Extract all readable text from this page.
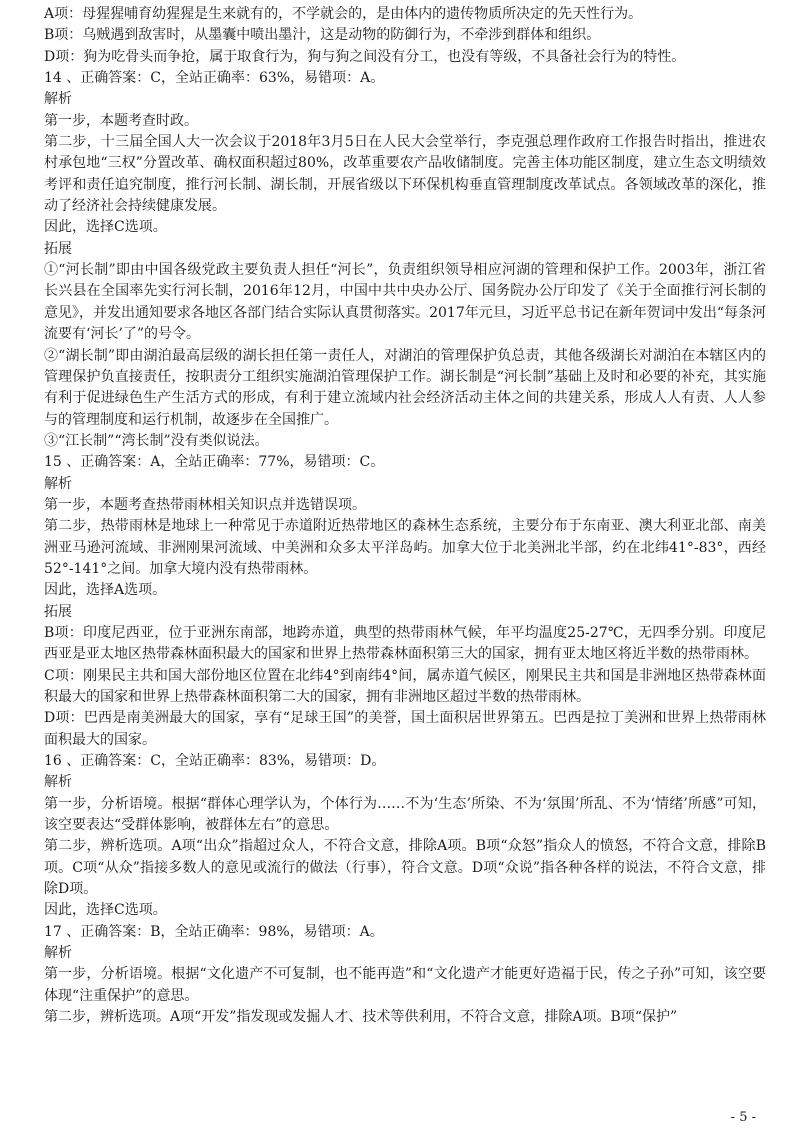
A项：母猩猩哺育幼猩猩是生来就有的，不学就会的，是由体内的遗传物质所决定的先天性行为。

B项：乌贼遇到敌害时，从墨囊中喷出墨汁，这是动物的防御行为，不牵涉到群体和组织。

D项：狗为吃骨头而争抢，属于取食行为，狗与狗之间没有分工，也没有等级，不具备社会行为的特性。

14 、正确答案：C，全站正确率：63%，易错项：A。

解析

第一步，本题考查时政。

第二步，十三届全国人大一次会议于2018年3月5日在人民大会堂举行，李克强总理作政府工作报告时指出，推进农村承包地“三权”分置改革、确权面积超过80%，改革重要农产品收储制度。完善主体功能区制度，建立生态文明绩效考评和责任追究制度，推行河长制、湖长制，开展省级以下环保机构垂直管理制度改革试点。各领域改革的深化，推动了经济社会持续健康发展。

因此，选择C选项。

拓展

①“河长制”即由中国各级党政主要负责人担任“河长”，负责组织领导相应河湖的管理和保护工作。2003年，浙江省长兴县在全国率先实行河长制，2016年12月，中国中共中央办公厅、国务院办公厅印发了《关于全面推行河长制的意见》，并发出通知要求各地区各部门结合实际认真贯彻落实。2017年元旦，习近平总书记在新年贺词中发出“每条河流要有‘河长’了”的号令。

②“湖长制”即由湖泊最高层级的湖长担任第一责任人，对湖泊的管理保护负总责，其他各级湖长对湖泊在本辖区内的管理保护负直接责任，按职责分工组织实施湖泊管理保护工作。湖长制是“河长制”基础上及时和必要的补充，其实施有利于促进绿色生产生活方式的形成，有利于建立流域内社会经济活动主体之间的共建关系，形成人人有责、人人参与的管理制度和运行机制，故逐步在全国推广。

③“江长制”“湾长制”没有类似说法。

15 、正确答案：A，全站正确率：77%，易错项：C。

解析

第一步，本题考查热带雨林相关知识点并选错误项。

第二步，热带雨林是地球上一种常见于赤道附近热带地区的森林生态系统，主要分布于东南亚、澳大利亚北部、南美洲亚马逊河流域、非洲刚果河流域、中美洲和众多太平洋岛屿。加拿大位于北美洲北半部，约在北纬41°-83°，西经52°-141°之间。加拿大境内没有热带雨林。

因此，选择A选项。

拓展

B项：印度尼西亚，位于亚洲东南部，地跨赤道，典型的热带雨林气候，年平均温度25-27℃，无四季分别。印度尼西亚是亚太地区热带森林面积最大的国家和世界上热带森林面积第三大的国家，拥有亚太地区将近半数的热带雨林。

C项：刚果民主共和国大部份地区位置在北纬4°到南纬4°间，属赤道气候区，刚果民主共和国是非洲地区热带森林面积最大的国家和世界上热带森林面积第二大的国家，拥有非洲地区超过半数的热带雨林。

D项：巴西是南美洲最大的国家，享有“足球王国”的美誉，国土面积居世界第五。巴西是拉丁美洲和世界上热带雨林面积最大的国家。

16 、正确答案：C，全站正确率：83%，易错项：D。

解析

第一步，分析语境。根据“群体心理学认为，个体行为……不为‘生态’所染、不为‘氛围’所乱、不为‘情绪’所感”可知，该空要表达“受群体影响，被群体左右”的意思。

第二步，辨析选项。A项“出众”指超过众人，不符合文意，排除A项。B项“众怒”指众人的愤怒，不符合文意，排除B项。C项“从众”指接多数人的意见或流行的做法（行事），符合文意。D项“众说”指各种各样的说法，不符合文意，排除D项。

因此，选择C选项。

17 、正确答案：B，全站正确率：98%，易错项：A。

解析

第一步，分析语境。根据“文化遗产不可复制，也不能再造”和“文化遗产才能更好造福于民，传之子孙”可知，该空要体现“注重保护”的意思。

第二步，辨析选项。A项“开发”指发现或发掘人才、技术等供利用，不符合文意，排除A项。B项“保护”

- 5 -
